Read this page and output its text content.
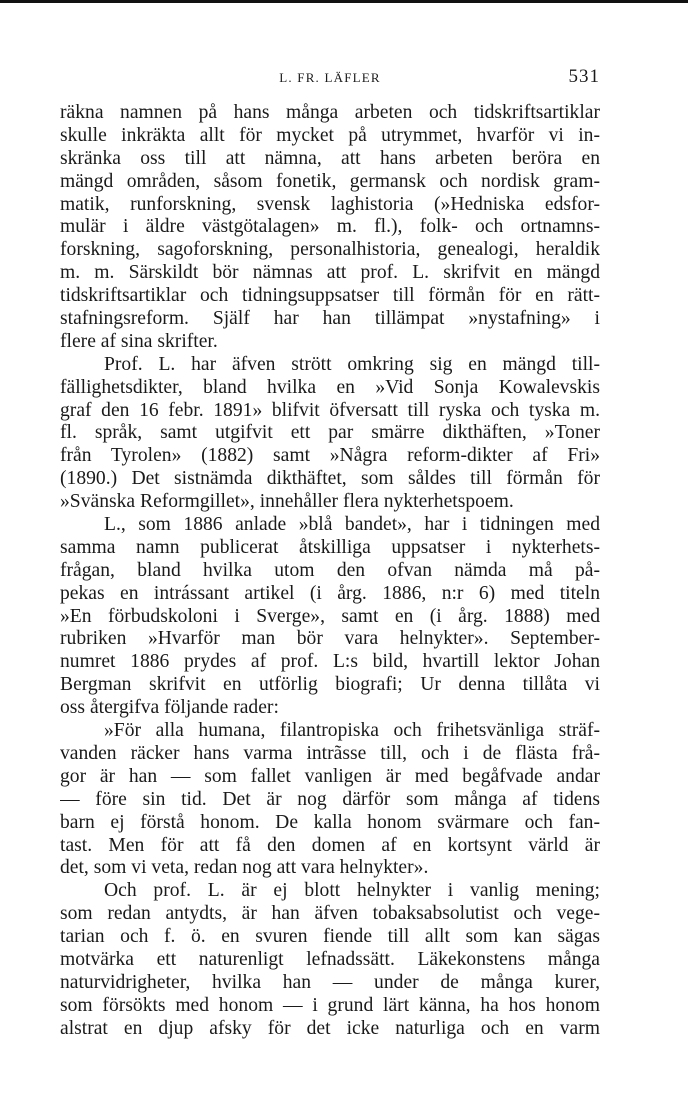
L. FR. LÄFLER	531
räkna namnen på hans många arbeten och tidskriftsartiklar
skulle inkräkta allt för mycket på utrymmet, hvarför vi in-
skränka oss till att nämna, att hans arbeten beröra en
mängd områden, såsom fonetik, germansk och nordisk gram-
matik, runforskning, svensk laghistoria (»Hedniska edsfor-
mulär i äldre västgötalagen» m. fl.), folk- och ortnamns-
forskning, sagoforskning, personalhistoria, genealogi, heraldik
m. m. Särskildt bör nämnas att prof. L. skrifvit en mängd
tidskriftsartiklar och tidningsuppsatser till förmån för en rätt-
stafningsreform. Själf har han tillämpat »nystafning» i
flere af sina skrifter.
Prof. L. har äfven strött omkring sig en mängd till-
fällighetsdikter, bland hvilka en »Vid Sonja Kowalevskis
graf den 16 febr. 1891» blifvit öfversatt till ryska och tyska m.
fl. språk, samt utgifvit ett par smärre dikthäften, »Toner
från Tyrolen» (1882) samt »Några reform-dikter af Fri»
(1890.) Det sistnämda dikthäftet, som såldes till förmån för
»Svänska Reformgillet», innehåller flera nykterhetspoem.
L., som 1886 anlade »blå bandet», har i tidningen med
samma namn publicerat åtskilliga uppsatser i nykterhets-
frågan, bland hvilka utom den ofvan nämda må på-
pekas en intrássant artikel (i årg. 1886, n:r 6) med titeln
»En förbudskoloni i Sverge», samt en (i årg. 1888) med
rubriken »Hvarför man bör vara helnykter». September-
numret 1886 prydes af prof. L:s bild, hvartill lektor Johan
Bergman skrifvit en utförlig biografi; Ur denna tillåta vi
oss återgifva följande rader:
»För alla humana, filantropiska och frihetsvänliga sträf-
vanden räcker hans varma intrãsse till, och i de flästa frå-
gor är han — som fallet vanligen är med begåfvade andar
— före sin tid. Det är nog därför som många af tidens
barn ej förstå honom. De kalla honom svärmare och fan-
tast. Men för att få den domen af en kortsynt värld är
det, som vi veta, redan nog att vara helnykter».
Och prof. L. är ej blott helnykter i vanlig mening;
som redan antydts, är han äfven tobaksabsolutist och vege-
tarian och f. ö. en svuren fiende till allt som kan sägas
motvärka ett naturenligt lefnadssätt. Läkekonstens många
naturvidrigheter, hvilka han — under de många kurer,
som försökts med honom — i grund lärt känna, ha hos honom
alstrat en djup afsky för det icke naturliga och en varm
